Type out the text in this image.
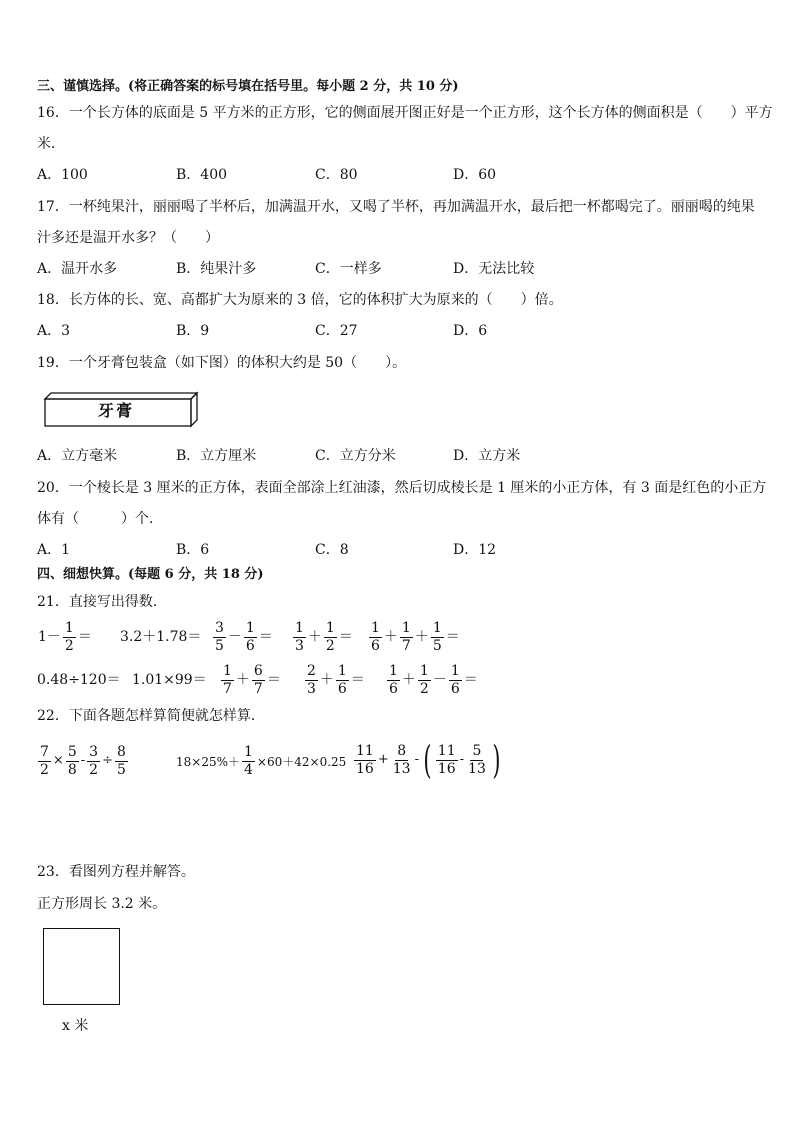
三、谨慎选择。(将正确答案的标号填在括号里。每小题 2 分，共 10 分)
16．一个长方体的底面是 5 平方米的正方形，它的侧面展开图正好是一个正方形，这个长方体的侧面积是（　　）平方
米．
A．100	B．400	C．80	D．60
17．一杯纯果汁，丽丽喝了半杯后，加满温开水，又喝了半杯，再加满温开水，最后把一杯都喝完了。丽丽喝的纯果
汁多还是温开水多？（　　）
A．温开水多	B．纯果汁多	C．一样多	D．无法比较
18．长方体的长、宽、高都扩大为原来的 3 倍，它的体积扩大为原来的（　　）倍。
A．3	B．9	C．27	D．6
19．一个牙膏包装盒（如下图）的体积大约是 50（　　）。
牙膏
A．立方毫米	B．立方厘米	C．立方分米	D．立方米
20．一个棱长是 3 厘米的正方体，表面全部涂上红油漆，然后切成棱长是 1 厘米的小正方体，有 3 面是红色的小正方
体有（　　　）个．
A．1	B．6	C．8	D．12
四、细想快算。(每题 6 分，共 18 分)
21．直接写出得数．
$1- \frac{1}{2} = 3.2+1.78= \frac{3}{5} - \frac{1}{6} = \frac{1}{3} + \frac{1}{2} = \frac{1}{6} + \frac{1}{7} + \frac{1}{5}$ ＝
$0.48\div 120= 1.01\times 99= \frac{1}{7} + \frac{6}{7} = \frac{2}{3} + \frac{1}{6} = \frac{1}{6} + \frac{1}{2} - \frac{1}{6}$ ＝
22．下面各题怎样算简便就怎样算．
$\frac{7}{2} \times \frac{5}{8} - \frac{3}{2} \div \frac{8}{5}$	$18\times 25\%+ \frac{1}{4} \times 60+42\times 0.25 \frac{11}{16} + \frac{8}{13}$ - ( $\frac{11}{16} - \frac{5}{13}$ )
23．看图列方程并解答。
正方形周长 3.2 米。
x 米
